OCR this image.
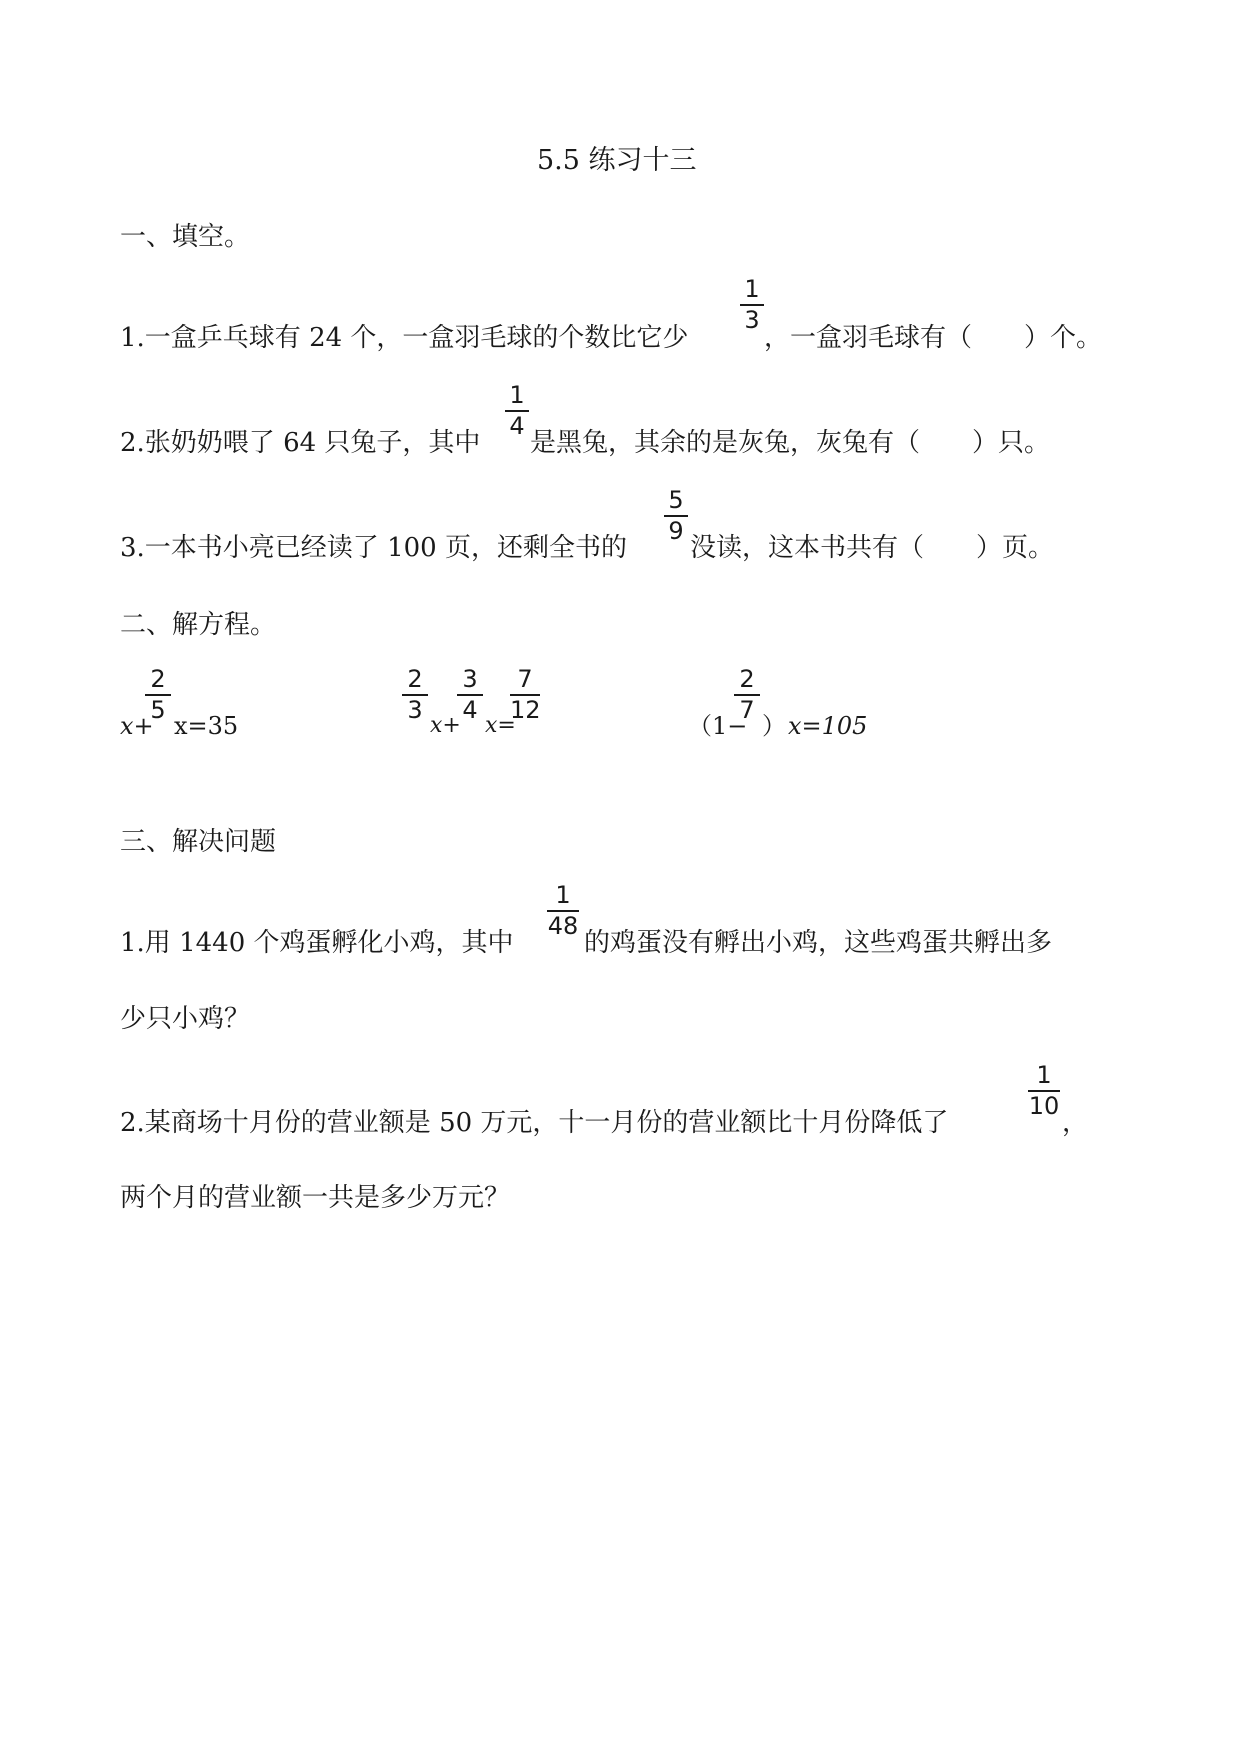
5.5 练习十三
一、填空。
1.一盒乒乓球有 24 个，一盒羽毛球的个数比它少
1
3
，一盒羽毛球有（　　）个。
2.张奶奶喂了 64 只兔子，其中
1
4
是黑兔，其余的是灰兔，灰兔有（　　）只。
3.一本书小亮已经读了 100 页，还剩全书的
5
9
没读，这本书共有（　　）页。
二、解方程。
x+
2
5
x=35
2
3
x+
3
4
x=
7
12
（1−
2
7
） x=105
三、解决问题
1.用 1440 个鸡蛋孵化小鸡，其中
1
48
的鸡蛋没有孵出小鸡，这些鸡蛋共孵出多
少只小鸡？
2.某商场十月份的营业额是 50 万元，十一月份的营业额比十月份降低了
1
10
，
两个月的营业额一共是多少万元？
